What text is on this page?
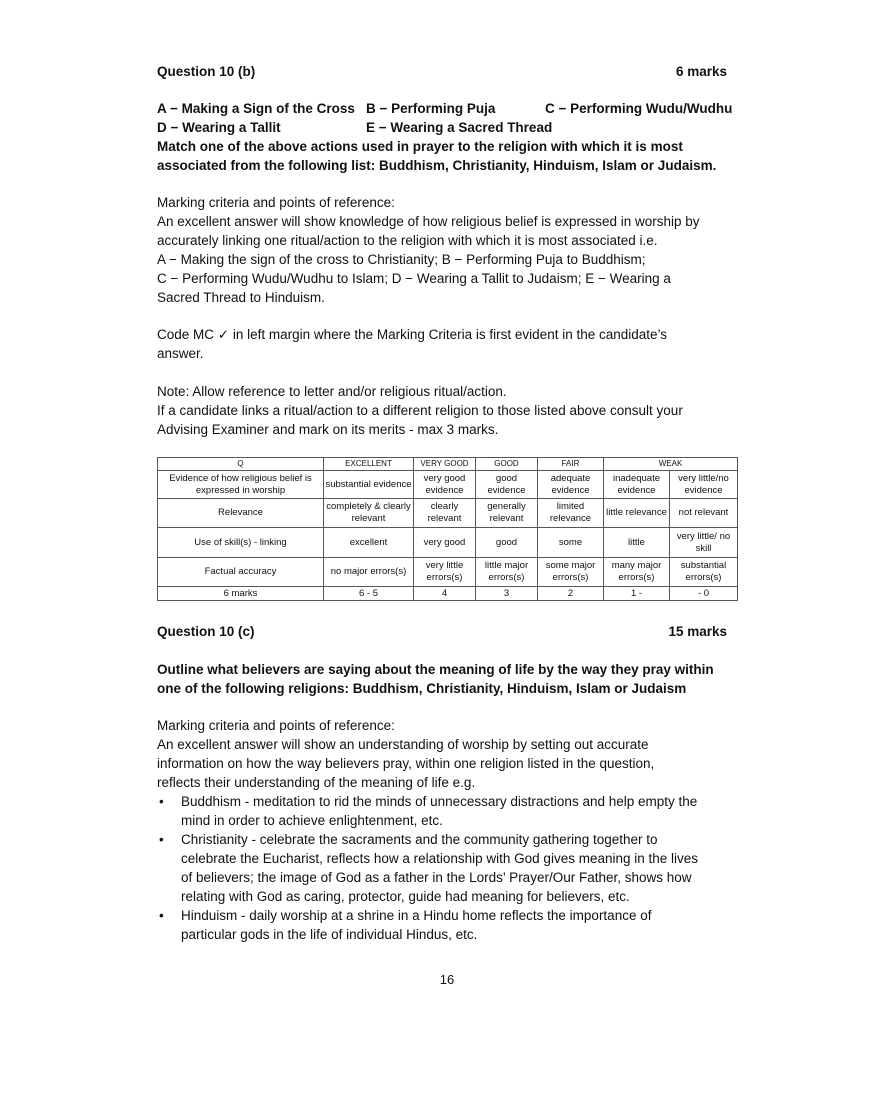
Question 10 (b)	6 marks
A − Making a Sign of the Cross B − Performing Puja	C − Performing Wudu/Wudhu
D − Wearing a Tallit	E − Wearing a Sacred Thread
Match one of the above actions used in prayer to the religion with which it is most
associated from the following list: Buddhism, Christianity, Hinduism, Islam or Judaism.
Marking criteria and points of reference:
An excellent answer will show knowledge of how religious belief is expressed in worship by
accurately linking one ritual/action to the religion with which it is most associated i.e.
A − Making the sign of the cross to Christianity; B − Performing Puja to Buddhism;
C − Performing Wudu/Wudhu to Islam; D − Wearing a Tallit to Judaism; E − Wearing a
Sacred Thread to Hinduism.
Code MC ✓ in left margin where the Marking Criteria is first evident in the candidate’s
answer.
Note: Allow reference to letter and/or religious ritual/action.
If a candidate links a ritual/action to a different religion to those listed above consult your
Advising Examiner and mark on its merits - max 3 marks.
Q	EXCELLENT	VERY GOOD	GOOD	FAIR	WEAK	
Evidence of how religious belief is expressed in worship	substantial evidence	very good evidence	good evidence	adequate evidence	inadequate evidence	very little/no evidence
Relevance	completely & clearly relevant	clearly relevant	generally relevant	limited relevance	little relevance	not relevant
Use of skill(s) - linking	excellent	very good	good	some	little	very little/ no skill
Factual accuracy	no major errors(s)	very little errors(s)	little major errors(s)	some major errors(s)	many major errors(s)	substantial errors(s)
6 marks	6 - 5	4	3	2	1 -	- 0
Question 10 (c)	15 marks
Outline what believers are saying about the meaning of life by the way they pray within
one of the following religions: Buddhism, Christianity, Hinduism, Islam or Judaism
Marking criteria and points of reference:
An excellent answer will show an understanding of worship by setting out accurate
information on how the way believers pray, within one religion listed in the question,
reflects their understanding of the meaning of life e.g.
• Buddhism - meditation to rid the minds of unnecessary distractions and help empty the
mind in order to achieve enlightenment, etc.
• Christianity - celebrate the sacraments and the community gathering together to
celebrate the Eucharist, reflects how a relationship with God gives meaning in the lives
of believers; the image of God as a father in the Lords’ Prayer/Our Father, shows how
relating with God as caring, protector, guide had meaning for believers, etc.
• Hinduism - daily worship at a shrine in a Hindu home reflects the importance of
particular gods in the life of individual Hindus, etc.
16
